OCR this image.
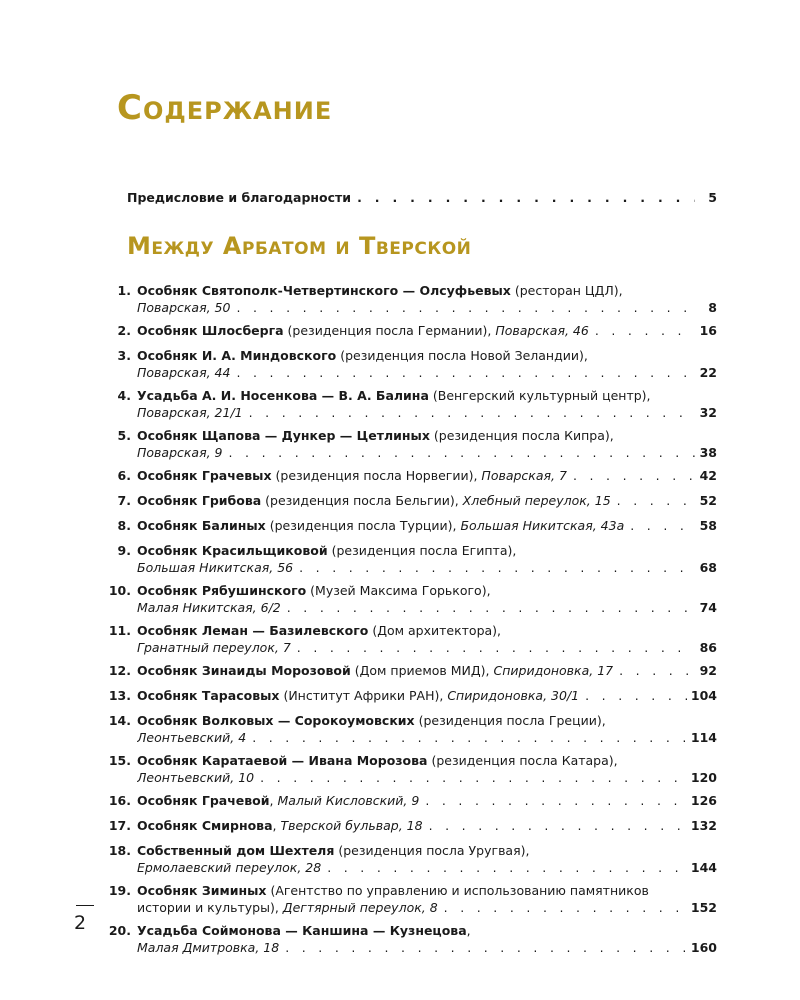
Содержание
Предисловие и благодарности . . .	5
Между Арбатом и Тверской
1. Особняк Святополк-Четвертинского — Олсуфьевых (ресторан ЦДЛ),
Поварская, 50 . . .	8
2. Особняк Шлосберга (резиденция посла Германии), Поварская, 46 . . .	16
3. Особняк И. А. Миндовского (резиденция посла Новой Зеландии),
Поварская, 44 . . .	22
4. Усадьба А. И. Носенкова — В. А. Балина (Венгерский культурный центр),
Поварская, 21/1 . . .	32
5. Особняк Щапова — Дункер — Цетлиных (резиденция посла Кипра),
Поварская, 9 . . .	38
6. Особняк Грачевых (резиденция посла Норвегии), Поварская, 7 . . .	42
7. Особняк Грибова (резиденция посла Бельгии), Хлебный переулок, 15 . . .	52
8. Особняк Балиных (резиденция посла Турции), Большая Никитская, 43а . . .	58
9. Особняк Красильщиковой (резиденция посла Египта),
Большая Никитская, 56 . . .	68
10. Особняк Рябушинского (Музей Максима Горького),
Малая Никитская, 6/2 . . .	74
11. Особняк Леман — Базилевского (Дом архитектора),
Гранатный переулок, 7 . . .	86
12. Особняк Зинаиды Морозовой (Дом приемов МИД), Спиридоновка, 17 . . .	92
13. Особняк Тарасовых (Институт Африки РАН), Спиридоновка, 30/1 . . .	104
14. Особняк Волковых — Сорокоумовских (резиденция посла Греции),
Леонтьевский, 4 . . .	114
15. Особняк Каратаевой — Ивана Морозова (резиденция посла Катара),
Леонтьевский, 10 . . .	120
16. Особняк Грачевой, Малый Кисловский, 9 . . .	126
17. Особняк Смирнова, Тверской бульвар, 18 . . .	132
18. Собственный дом Шехтеля (резиденция посла Уругвая),
Ермолаевский переулок, 28 . . .	144
19. Особняк Зиминых (Агентство по управлению и использованию памятников
истории и культуры), Дегтярный переулок, 8 . . .	152
20. Усадьба Соймонова — Каншина — Кузнецова,
Малая Дмитровка, 18 . . .	160
2
